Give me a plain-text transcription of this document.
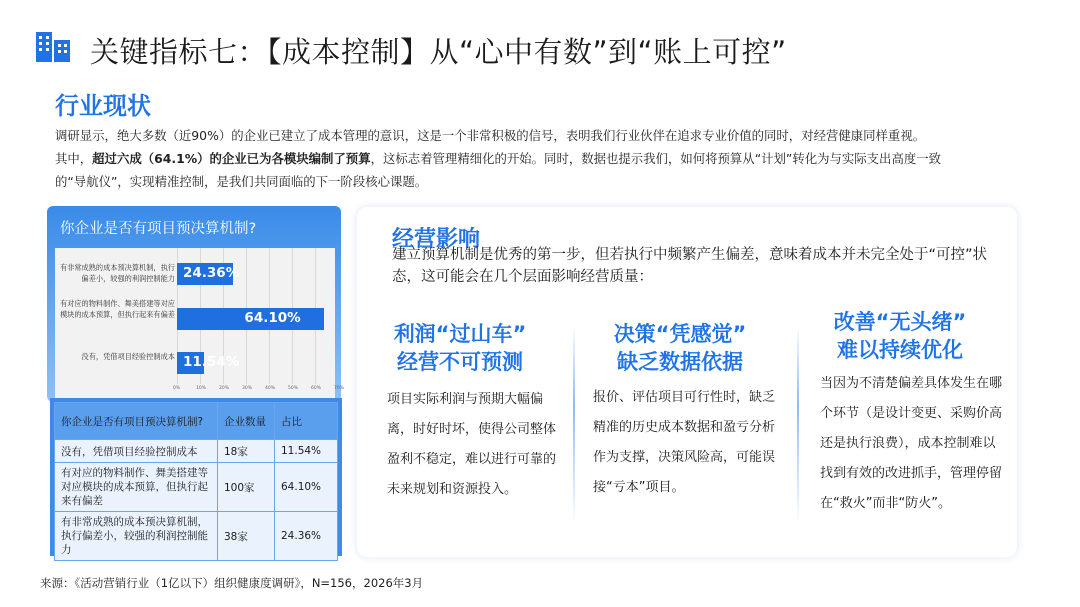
关键指标七：【成本控制】从“心中有数”到“账上可控”
行业现状
调研显示，绝大多数（近90%）的企业已建立了成本管理的意识，这是一个非常积极的信号，表明我们行业伙伴在追求专业价值的同时，对经营健康同样重视。
其中，超过六成（64.1%）的企业已为各模块编制了预算，这标志着管理精细化的开始。同时，数据也提示我们，如何将预算从“计划”转化为与实际支出高度一致
的“导航仪”，实现精准控制，是我们共同面临的下一阶段核心课题。
你企业是否有项目预决算机制?
有非常成熟的成本预决算机制，执行偏差小，较强的利润控制能力
有对应的物料制作、舞美搭建等对应模块的成本预算，但执行起来有偏差
没有，凭借项目经验控制成本
24.36%
64.10%
11.54%
0%	10%	20%	30%	40%	50%	60%	70%
你企业是否有项目预决算机制?	企业数量	占比
没有，凭借项目经验控制成本	18家	11.54%
有对应的物料制作、舞美搭建等对应模块的成本预算，但执行起来有偏差	100家	64.10%
有非常成熟的成本预决算机制，执行偏差小，较强的利润控制能力	38家	24.36%
经营影响
建立预算机制是优秀的第一步，但若执行中频繁产生偏差，意味着成本并未完全处于“可控”状态，这可能会在几个层面影响经营质量：
利润“过山车”
经营不可预测
项目实际利润与预期大幅偏离，时好时坏，使得公司整体盈利不稳定，难以进行可靠的未来规划和资源投入。
决策“凭感觉”
缺乏数据依据
报价、评估项目可行性时，缺乏精准的历史成本数据和盈亏分析作为支撑，决策风险高，可能误接“亏本”项目。
改善“无头绪”
难以持续优化
当因为不清楚偏差具体发生在哪个环节（是设计变更、采购价高还是执行浪费），成本控制难以找到有效的改进抓手，管理停留在“救火”而非“防火”。
来源：《活动营销行业（1亿以下）组织健康度调研》，N=156，2026年3月
